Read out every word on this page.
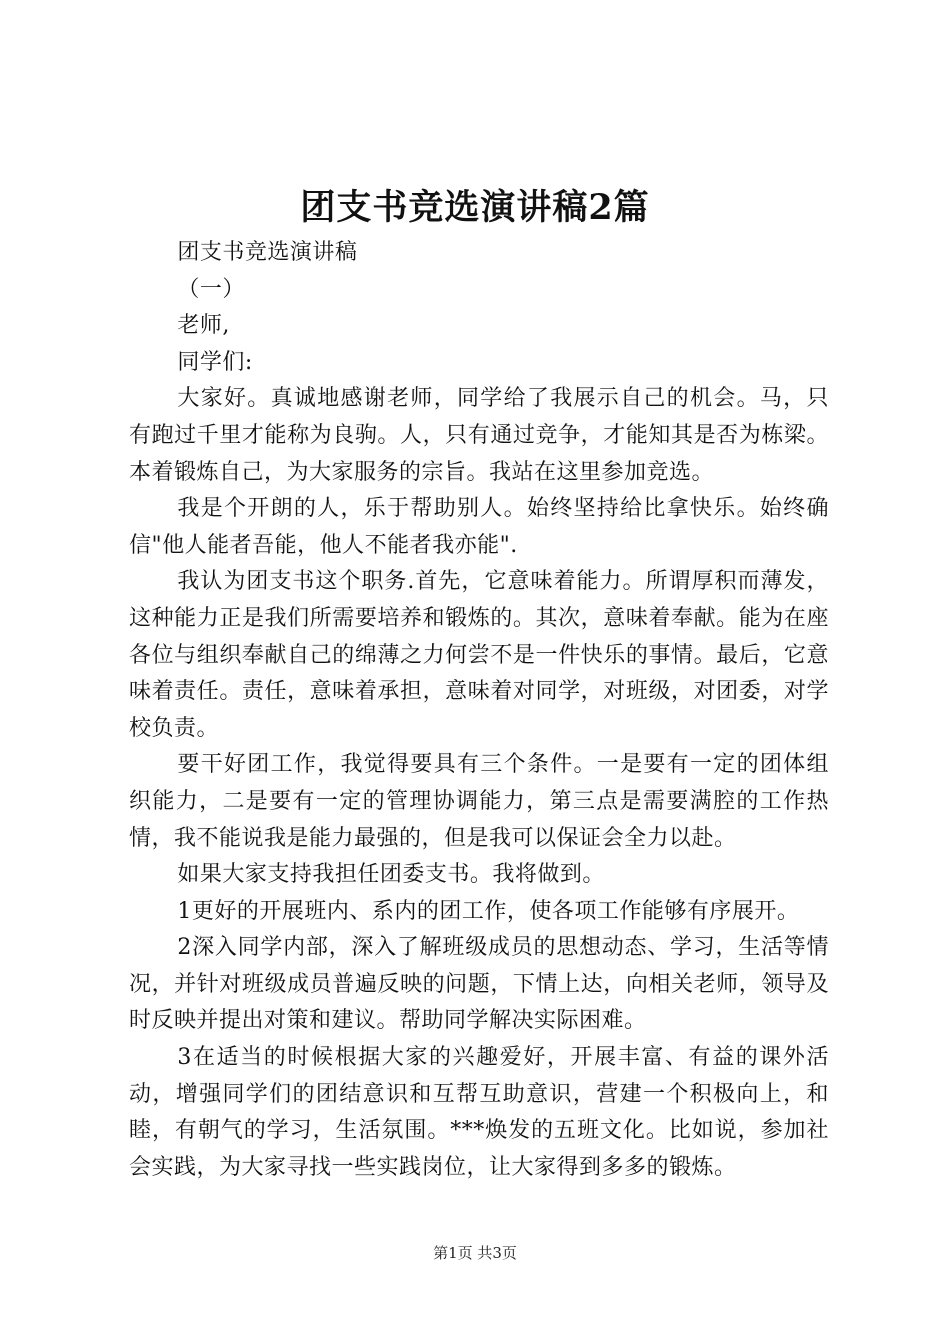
团支书竞选演讲稿2篇

团支书竞选演讲稿

（一）

老师,

同学们:

大家好。真诚地感谢老师，同学给了我展示自己的机会。马，只有跑过千里才能称为良驹。人，只有通过竞争，才能知其是否为栋梁。本着锻炼自己，为大家服务的宗旨。我站在这里参加竞选。

我是个开朗的人，乐于帮助别人。始终坚持给比拿快乐。始终确信"他人能者吾能，他人不能者我亦能".

我认为团支书这个职务.首先，它意味着能力。所谓厚积而薄发，这种能力正是我们所需要培养和锻炼的。其次，意味着奉献。能为在座各位与组织奉献自己的绵薄之力何尝不是一件快乐的事情。最后，它意味着责任。责任，意味着承担，意味着对同学，对班级，对团委，对学校负责。

要干好团工作，我觉得要具有三个条件。一是要有一定的团体组织能力，二是要有一定的管理协调能力，第三点是需要满腔的工作热情，我不能说我是能力最强的，但是我可以保证会全力以赴。

如果大家支持我担任团委支书。我将做到。

1更好的开展班内、系内的团工作，使各项工作能够有序展开。

2深入同学内部，深入了解班级成员的思想动态、学习，生活等情况，并针对班级成员普遍反映的问题，下情上达，向相关老师，领导及时反映并提出对策和建议。帮助同学解决实际困难。

3在适当的时候根据大家的兴趣爱好，开展丰富、有益的课外活动，增强同学们的团结意识和互帮互助意识，营建一个积极向上，和睦，有朝气的学习，生活氛围。***焕发的五班文化。比如说，参加社会实践，为大家寻找一些实践岗位，让大家得到多多的锻炼。

第1页 共3页
